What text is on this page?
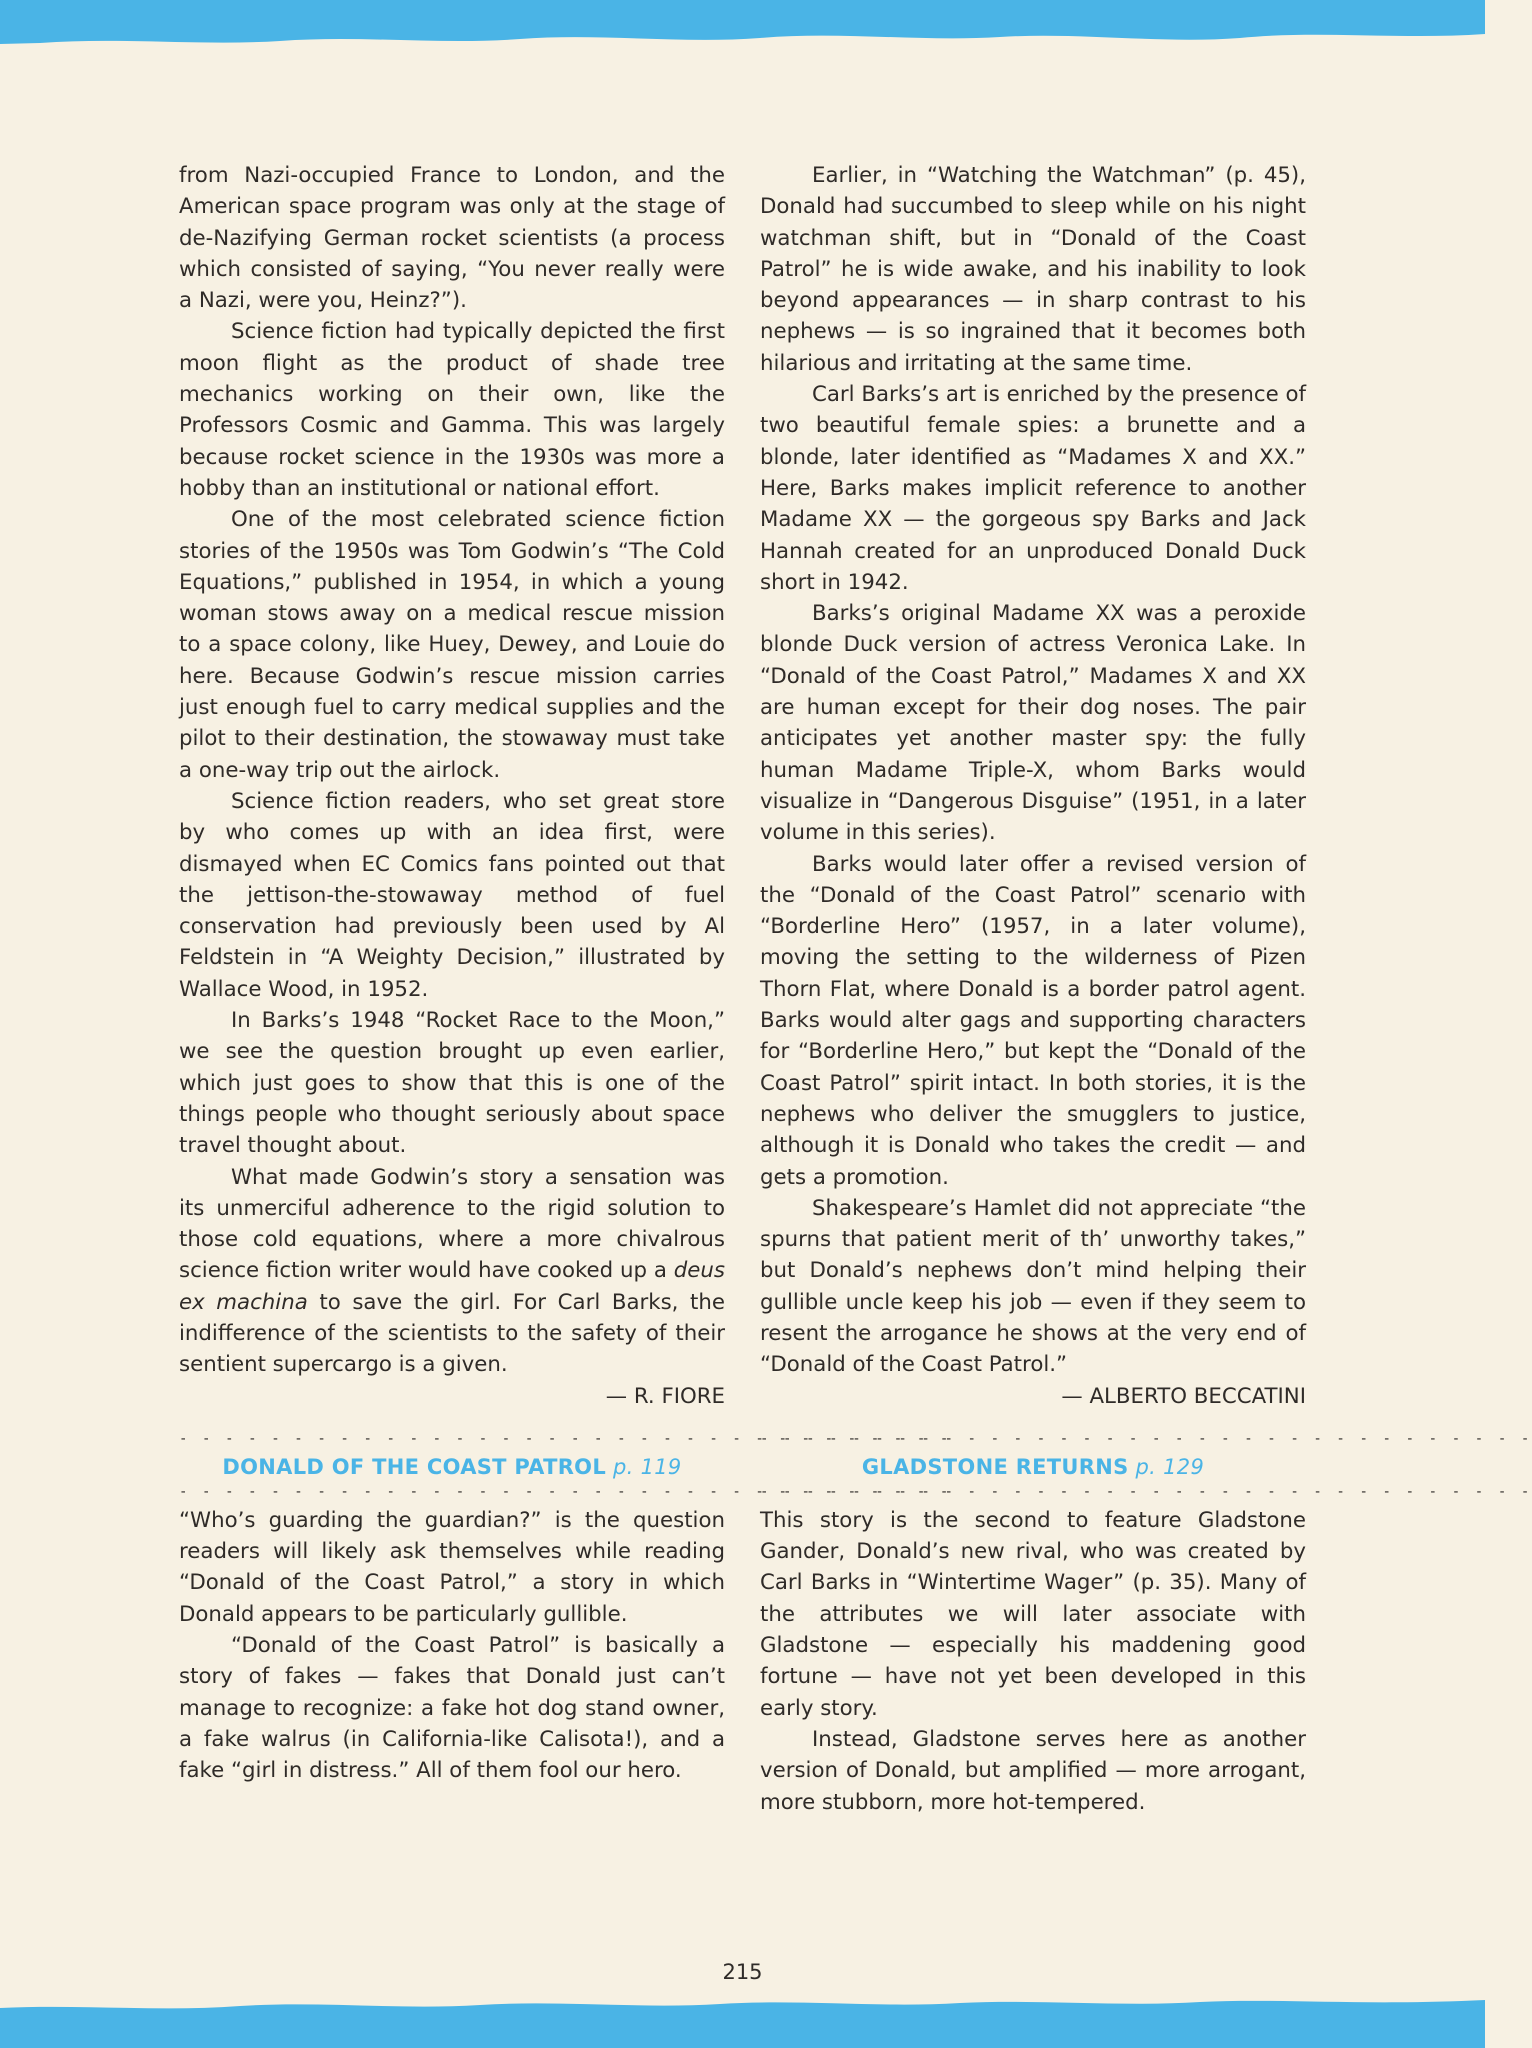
from Nazi-occupied France to London, and the American space program was only at the stage of de-Nazifying German rocket scientists (a process which consisted of saying, “You never really were a Nazi, were you, Heinz?”).

Science fiction had typically depicted the first moon flight as the product of shade tree mechanics working on their own, like the Professors Cosmic and Gamma. This was largely because rocket science in the 1930s was more a hobby than an institutional or national effort.

One of the most celebrated science fiction stories of the 1950s was Tom Godwin’s “The Cold Equations,” published in 1954, in which a young woman stows away on a medical rescue mission to a space colony, like Huey, Dewey, and Louie do here. Because Godwin’s rescue mission carries just enough fuel to carry medical supplies and the pilot to their destination, the stowaway must take a one-way trip out the airlock.

Science fiction readers, who set great store by who comes up with an idea first, were dismayed when EC Comics fans pointed out that the jettison-the-stowaway method of fuel conservation had previously been used by Al Feldstein in “A Weighty Decision,” illustrated by Wallace Wood, in 1952.

In Barks’s 1948 “Rocket Race to the Moon,” we see the question brought up even earlier, which just goes to show that this is one of the things people who thought seriously about space travel thought about.

What made Godwin’s story a sensation was its unmerciful adherence to the rigid solution to those cold equations, where a more chivalrous science fiction writer would have cooked up a deus ex machina to save the girl. For Carl Barks, the indifference of the scientists to the safety of their sentient supercargo is a given.

— R. FIORE
- - - - - - - - - - - - - - - - - - - - - - - - - - - - - - - - - -
DONALD OF THE COAST PATROL p. 119
- - - - - - - - - - - - - - - - - - - - - - - - - - - - - - - - - -

“Who’s guarding the guardian?” is the question readers will likely ask themselves while reading “Donald of the Coast Patrol,” a story in which Donald appears to be particularly gullible.

“Donald of the Coast Patrol” is basically a story of fakes — fakes that Donald just can’t manage to recognize: a fake hot dog stand owner, a fake walrus (in California-like Calisota!), and a fake “girl in distress.” All of them fool our hero.

Earlier, in “Watching the Watchman” (p. 45), Donald had succumbed to sleep while on his night watchman shift, but in “Donald of the Coast Patrol” he is wide awake, and his inability to look beyond appearances — in sharp contrast to his nephews — is so ingrained that it becomes both hilarious and irritating at the same time.

Carl Barks’s art is enriched by the presence of two beautiful female spies: a brunette and a blonde, later identified as “Madames X and XX.” Here, Barks makes implicit reference to another Madame XX — the gorgeous spy Barks and Jack Hannah created for an unproduced Donald Duck short in 1942.

Barks’s original Madame XX was a peroxide blonde Duck version of actress Veronica Lake. In “Donald of the Coast Patrol,” Madames X and XX are human except for their dog noses. The pair anticipates yet another master spy: the fully human Madame Triple-X, whom Barks would visualize in “Dangerous Disguise” (1951, in a later volume in this series).

Barks would later offer a revised version of the “Donald of the Coast Patrol” scenario with “Borderline Hero” (1957, in a later volume), moving the setting to the wilderness of Pizen Thorn Flat, where Donald is a border patrol agent. Barks would alter gags and supporting characters for “Borderline Hero,” but kept the “Donald of the Coast Patrol” spirit intact. In both stories, it is the nephews who deliver the smugglers to justice, although it is Donald who takes the credit — and gets a promotion.

Shakespeare’s Hamlet did not appreciate “the spurns that patient merit of th’ unworthy takes,” but Donald’s nephews don’t mind helping their gullible uncle keep his job — even if they seem to resent the arrogance he shows at the very end of “Donald of the Coast Patrol.”

— ALBERTO BECCATINI
- - - - - - - - - - - - - - - - - - - - - - - - - - - - - - - - - -
GLADSTONE RETURNS p. 129
- - - - - - - - - - - - - - - - - - - - - - - - - - - - - - - - - -

This story is the second to feature Gladstone Gander, Donald’s new rival, who was created by Carl Barks in “Wintertime Wager” (p. 35). Many of the attributes we will later associate with Gladstone — especially his maddening good fortune — have not yet been developed in this early story.

Instead, Gladstone serves here as another version of Donald, but amplified — more arrogant, more stubborn, more hot-tempered.

215
